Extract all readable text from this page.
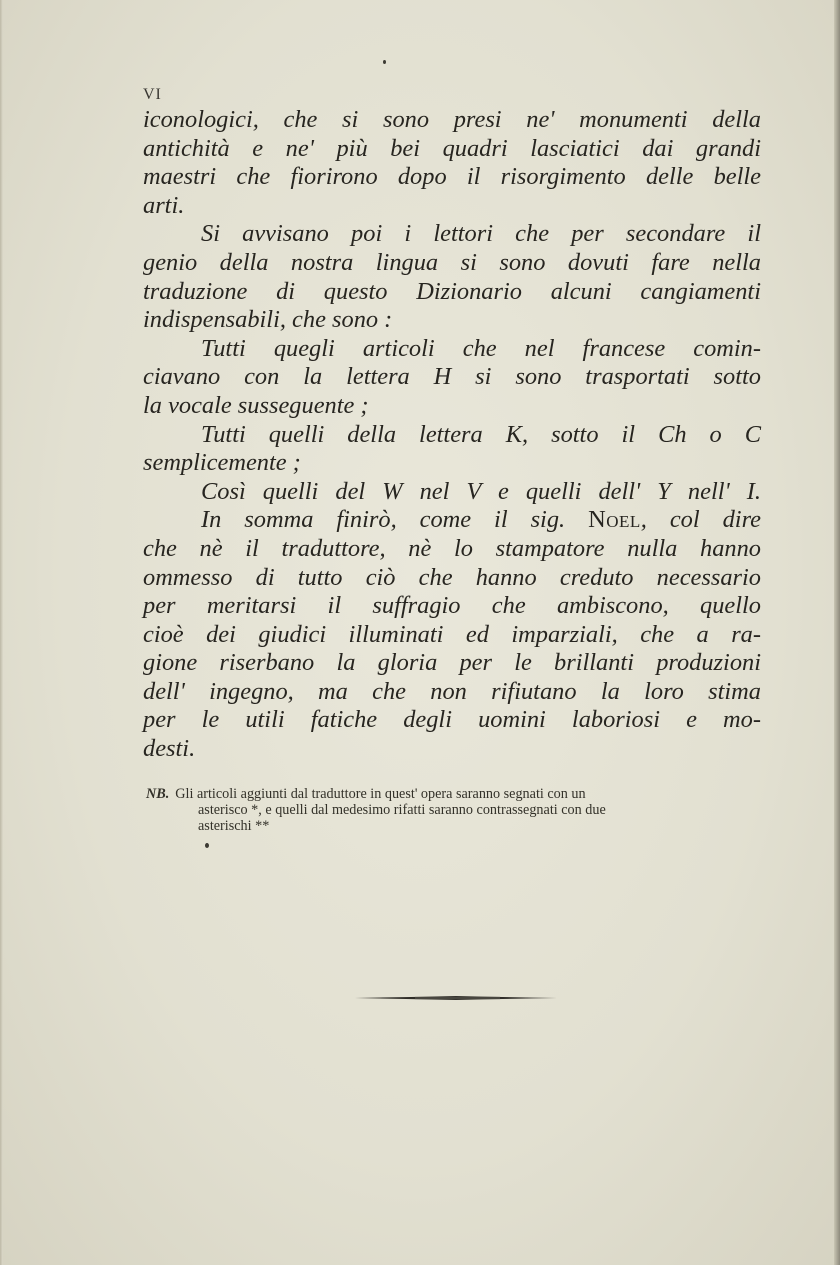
VI
iconologici, che si sono presi ne' monumenti della
antichità e ne' più bei quadri lasciatici dai grandi
maestri che fiorirono dopo il risorgimento delle belle
arti.
Si avvisano poi i lettori che per secondare il
genio della nostra lingua si sono dovuti fare nella
traduzione di questo Dizionario alcuni cangiamenti
indispensabili, che sono :
Tutti quegli articoli che nel francese comin-
ciavano con la lettera H si sono trasportati sotto
la vocale susseguente ;
Tutti quelli della lettera K, sotto il Ch o C
semplicemente ;
Così quelli del W nel V e quelli dell' Y nell' I.
In somma finirò, come il sig. Noel, col dire
che nè il traduttore, nè lo stampatore nulla hanno
ommesso di tutto ciò che hanno creduto necessario
per meritarsi il suffragio che ambiscono, quello
cioè dei giudici illuminati ed imparziali, che a ra-
gione riserbano la gloria per le brillanti produzioni
dell' ingegno, ma che non rifiutano la loro stima
per le utili fatiche degli uomini laboriosi e mo-
desti.
NB. Gli articoli aggiunti dal traduttore in quest' opera saranno segnati con un
asterisco *, e quelli dal medesimo rifatti saranno contrassegnati con due
asterischi **
